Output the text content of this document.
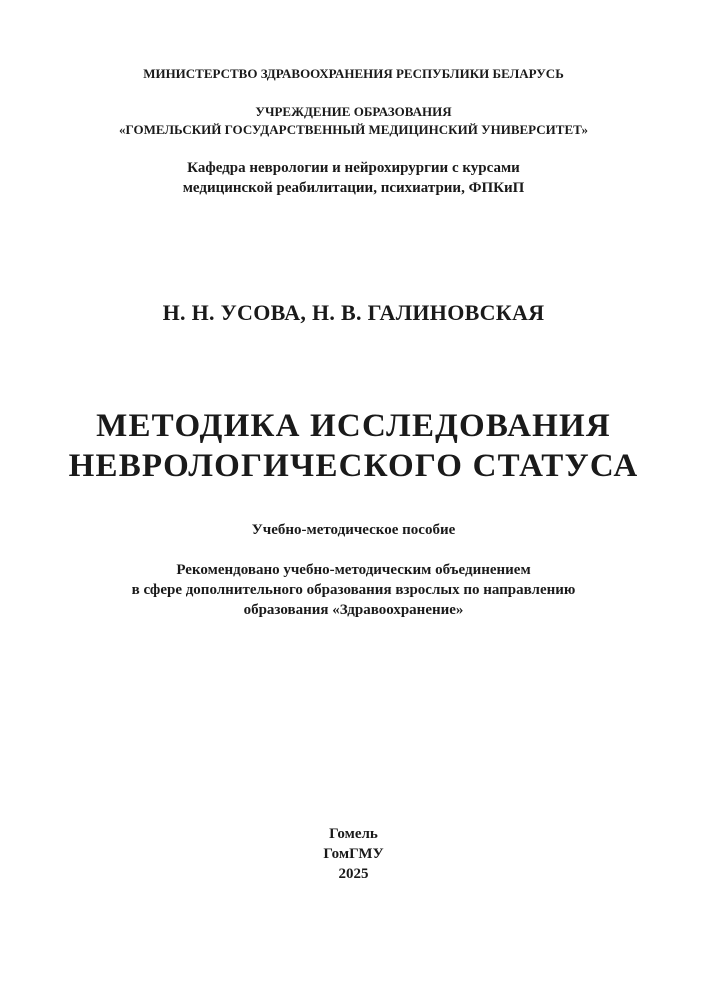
МИНИСТЕРСТВО ЗДРАВООХРАНЕНИЯ РЕСПУБЛИКИ БЕЛАРУСЬ
УЧРЕЖДЕНИЕ ОБРАЗОВАНИЯ
«ГОМЕЛЬСКИЙ ГОСУДАРСТВЕННЫЙ МЕДИЦИНСКИЙ УНИВЕРСИТЕТ»
Кафедра неврологии и нейрохирургии с курсами
медицинской реабилитации, психиатрии, ФПКиП
Н. Н. УСОВА, Н. В. ГАЛИНОВСКАЯ
МЕТОДИКА ИССЛЕДОВАНИЯ
НЕВРОЛОГИЧЕСКОГО СТАТУСА
Учебно-методическое пособие
Рекомендовано учебно-методическим объединением
в сфере дополнительного образования взрослых по направлению
образования «Здравоохранение»
Гомель
ГомГМУ
2025
